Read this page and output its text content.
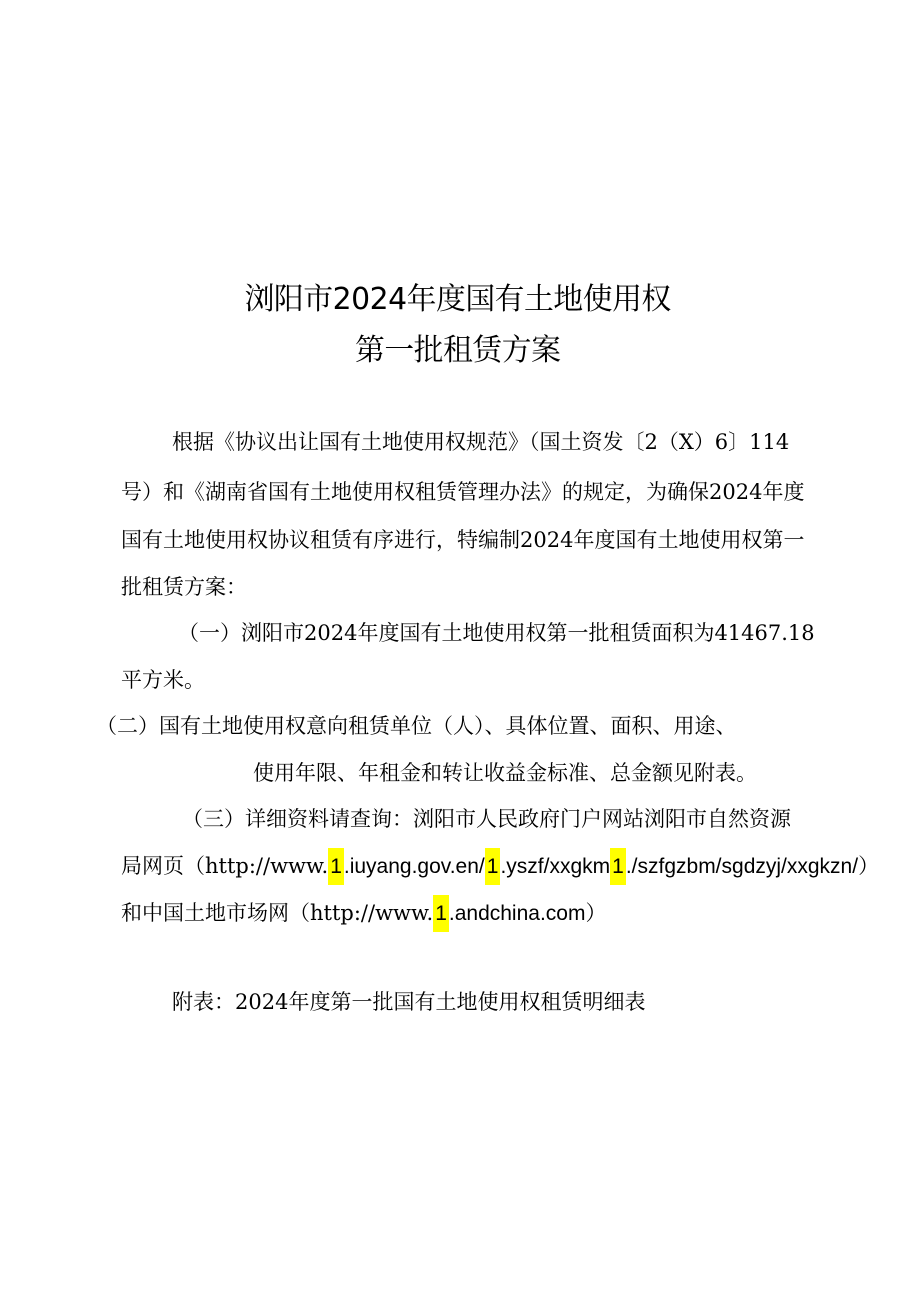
浏阳市2024年度国有土地使用权
第一批租赁方案
根据《协议出让国有土地使用权规范》（国土资发〔2（X）6〕114
号）和《湖南省国有土地使用权租赁管理办法》的规定，为确保2024年度
国有土地使用权协议租赁有序进行，特编制2024年度国有土地使用权第一
批租赁方案：
（一）浏阳市2024年度国有土地使用权第一批租赁面积为41467.18
平方米。
（二）国有土地使用权意向租赁单位（人）、具体位置、面积、用途、
使用年限、年租金和转让收益金标准、总金额见附表。
（三）详细资料请查询：浏阳市人民政府门户网站浏阳市自然资源
局网页（http://www.1.iuyang.gov.en/1.yszf/xxgkm1./szfgzbm/sgdzyj/xxgkzn/）
和中国土地市场网（http://www.1.andchina.com）
附表：2024年度第一批国有土地使用权租赁明细表
